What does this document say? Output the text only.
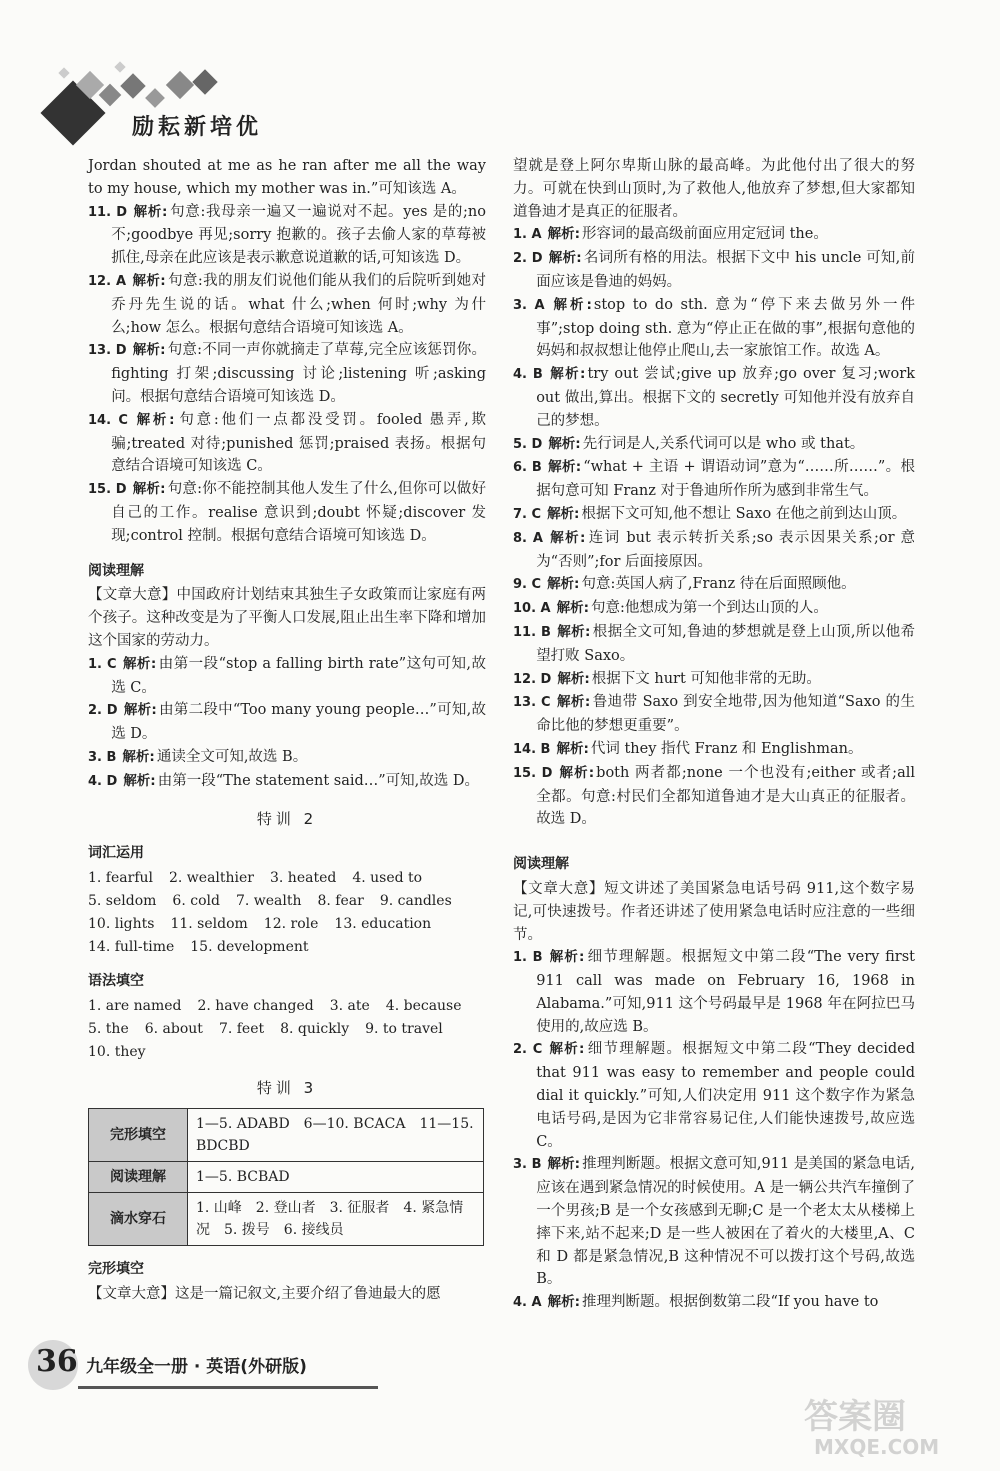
励耘新培优

Jordan shouted at me as he ran after me all the way to my house, which my mother was in.”可知该选 A。

11. D 解析: 句意:我母亲一遍又一遍说对不起。yes 是的;no 不;goodbye 再见;sorry 抱歉的。孩子去偷人家的草莓被抓住,母亲在此应该是表示歉意说道歉的话,可知该选 D。

12. A 解析: 句意:我的朋友们说他们能从我们的后院听到她对乔丹先生说的话。what 什么;when 何时;why 为什么;how 怎么。根据句意结合语境可知该选 A。

13. D 解析: 句意:不同一声你就摘走了草莓,完全应该惩罚你。fighting 打架;discussing 讨论;listening 听;asking 问。根据句意结合语境可知该选 D。

14. C 解析: 句意:他们一点都没受罚。fooled 愚弄,欺骗;treated 对待;punished 惩罚;praised 表扬。根据句意结合语境可知该选 C。

15. D 解析: 句意:你不能控制其他人发生了什么,但你可以做好自己的工作。realise 意识到;doubt 怀疑;discover 发现;control 控制。根据句意结合语境可知该选 D。

阅读理解

【文章大意】中国政府计划结束其独生子女政策而让家庭有两个孩子。这种改变是为了平衡人口发展,阻止出生率下降和增加这个国家的劳动力。

1. C 解析: 由第一段“stop a falling birth rate”这句可知,故选 C。

2. D 解析: 由第二段中“Too many young people…”可知,故选 D。

3. B 解析: 通读全文可知,故选 B。

4. D 解析: 由第一段“The statement said…”可知,故选 D。

特训 2
词汇运用
1. fearful 2. wealthier 3. heated 4. used to
5. seldom 6. cold 7. wealth 8. fear 9. candles
10. lights 11. seldom 12. role 13. education
14. full-time 15. development
语法填空
1. are named 2. have changed 3. ate 4. because
5. the 6. about 7. feet 8. quickly 9. to travel
10. they
特训 3
完形填空	1—5. ADABD　6—10. BCACA　11—15. BDCBD
阅读理解	1—5. BCBAD
滴水穿石	1. 山峰　2. 登山者　3. 征服者　4. 紧急情况　5. 拨号　6. 接线员
完形填空

【文章大意】这是一篇记叙文,主要介绍了鲁迪最大的愿

望就是登上阿尔卑斯山脉的最高峰。为此他付出了很大的努力。可就在快到山顶时,为了救他人,他放弃了梦想,但大家都知道鲁迪才是真正的征服者。

1. A 解析: 形容词的最高级前面应用定冠词 the。

2. D 解析: 名词所有格的用法。根据下文中 his uncle 可知,前面应该是鲁迪的妈妈。

3. A 解析: stop to do sth. 意为“停下来去做另外一件事”;stop doing sth. 意为“停止正在做的事”,根据句意他的妈妈和叔叔想让他停止爬山,去一家旅馆工作。故选 A。

4. B 解析: try out 尝试;give up 放弃;go over 复习;work out 做出,算出。根据下文的 secretly 可知他并没有放弃自己的梦想。

5. D 解析: 先行词是人,关系代词可以是 who 或 that。

6. B 解析: “what + 主语 + 谓语动词”意为“……所……”。根据句意可知 Franz 对于鲁迪所作所为感到非常生气。

7. C 解析: 根据下文可知,他不想让 Saxo 在他之前到达山顶。

8. A 解析: 连词 but 表示转折关系;so 表示因果关系;or 意为“否则”;for 后面接原因。

9. C 解析: 句意:英国人病了,Franz 待在后面照顾他。

10. A 解析: 句意:他想成为第一个到达山顶的人。

11. B 解析: 根据全文可知,鲁迪的梦想就是登上山顶,所以他希望打败 Saxo。

12. D 解析: 根据下文 hurt 可知他非常的无助。

13. C 解析: 鲁迪带 Saxo 到安全地带,因为他知道“Saxo 的生命比他的梦想更重要”。

14. B 解析: 代词 they 指代 Franz 和 Englishman。

15. D 解析: both 两者都;none 一个也没有;either 或者;all 全都。句意:村民们全都知道鲁迪才是大山真正的征服者。故选 D。

阅读理解

【文章大意】短文讲述了美国紧急电话号码 911,这个数字易记,可快速拨号。作者还讲述了使用紧急电话时应注意的一些细节。

1. B 解析: 细节理解题。根据短文中第二段“The very first 911 call was made on February 16, 1968 in Alabama.”可知,911 这个号码最早是 1968 年在阿拉巴马使用的,故应选 B。

2. C 解析: 细节理解题。根据短文中第二段“They decided that 911 was easy to remember and people could dial it quickly.”可知,人们决定用 911 这个数字作为紧急电话号码,是因为它非常容易记住,人们能快速拨号,故应选 C。

3. B 解析: 推理判断题。根据文意可知,911 是美国的紧急电话,应该在遇到紧急情况的时候使用。A 是一辆公共汽车撞倒了一个男孩;B 是一个女孩感到无聊;C 是一个老太太从楼梯上摔下来,站不起来;D 是一些人被困在了着火的大楼里,A、C 和 D 都是紧急情况,B 这种情况不可以拨打这个号码,故选 B。

4. A 解析: 推理判断题。根据倒数第二段“If you have to

36 九年级全一册 · 英语(外研版)
答案圈
MXQE.COM
